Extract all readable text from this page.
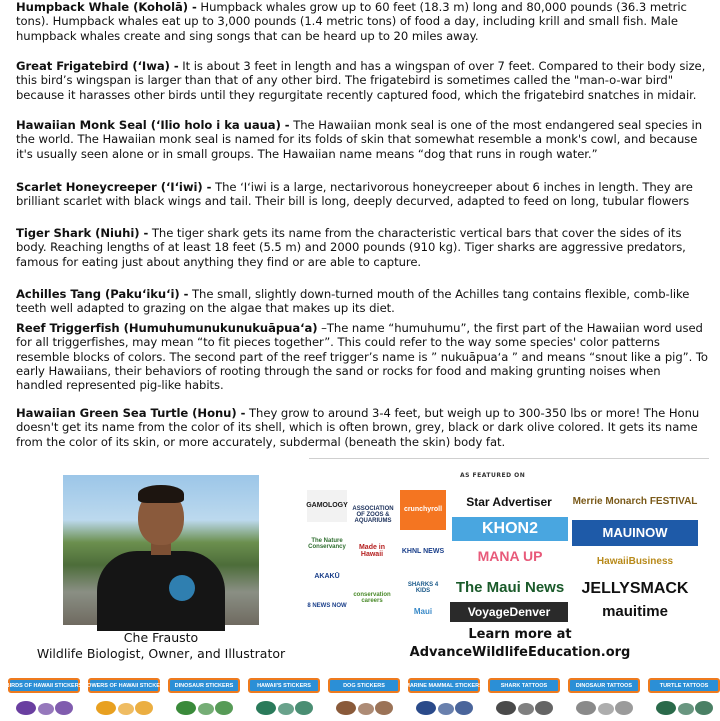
Humpback Whale (Koholā) - Humpback whales grow up to 60 feet (18.3 m) long and 80,000 pounds (36.3 metric tons). Humpback whales eat up to 3,000 pounds (1.4 metric tons) of food a day, including krill and small fish. Male humpback whales create and sing songs that can be heard up to 20 miles away.
Great Frigatebird (ʻIwa) - It is about 3 feet in length and has a wingspan of over 7 feet. Compared to their body size, this bird’s wingspan is larger than that of any other bird. The frigatebird is sometimes called the "man-o-war bird" because it harasses other birds until they regurgitate recently captured food, which the frigatebird snatches in midair.
Hawaiian Monk Seal (ʻIlio holo i ka uaua) - The Hawaiian monk seal is one of the most endangered seal species in the world. The Hawaiian monk seal is named for its folds of skin that somewhat resemble a monk's cowl, and because it's usually seen alone or in small groups. The Hawaiian name means “dog that runs in rough water.”
Scarlet Honeycreeper (ʻIʻiwi) - The ʻIʻiwi is a large, nectarivorous honeycreeper about 6 inches in length. They are brilliant scarlet with black wings and tail. Their bill is long, deeply decurved, adapted to feed on long, tubular flowers
Tiger Shark (Niuhi) - The tiger shark gets its name from the characteristic vertical bars that cover the sides of its body. Reaching lengths of at least 18 feet (5.5 m) and 2000 pounds (910 kg). Tiger sharks are aggressive predators, famous for eating just about anything they find or are able to capture.
Achilles Tang (Pakuʻikuʻi) - The small, slightly down-turned mouth of the Achilles tang contains flexible, comb-like teeth well adapted to grazing on the algae that makes up its diet.
Reef Triggerfish (Humuhumunukunukuāpuaʻa) –The name “humuhumu”, the first part of the Hawaiian word used for all triggerfishes, may mean “to fit pieces together”. This could refer to the way some species' color patterns resemble blocks of colors. The second part of the reef trigger’s name is ” nukuāpuaʻa ” and means “snout like a pig”. To early Hawaiians, their behaviors of rooting through the sand or rocks for food and making grunting noises when handled represented pig-like habits.
Hawaiian Green Sea Turtle (Honu) - They grow to around 3-4 feet, but weigh up to 300-350 lbs or more! The Honu doesn't get its name from the color of its shell, which is often brown, grey, black or dark olive colored. It gets its name from the color of its skin, or more accurately, subdermal (beneath the skin) body fat.
Che Frausto
Wildlife Biologist, Owner, and Illustrator
AS FEATURED ON
GAMOLOGY ASSOCIATION OF ZOOS & AQUARIUMS
crunchyroll
Star Advertiser	Merrie Monarch FESTIVAL
The Nature Conservancy	Made in Hawaii	KHNL NEWS
KHON2	MAUINOW
AKAKŪ
MANA UP	HawaiiBusiness
8 NEWS NOW
conservation careers
SHARKS 4 KIDS	The Maui News	JELLYSMACK
Maui	VoyageDenver	mauitime
Learn more at
AdvanceWildlifeEducation.org
BIRDS OF HAWAII STICKERS
FLOWERS OF HAWAII STICKERS	DINOSAUR STICKERS	HAWAII'S STICKERS	DOG STICKERS	MARINE MAMMAL STICKERS	SHARK TATTOOS	DINOSAUR TATTOOS	TURTLE TATTOOS
